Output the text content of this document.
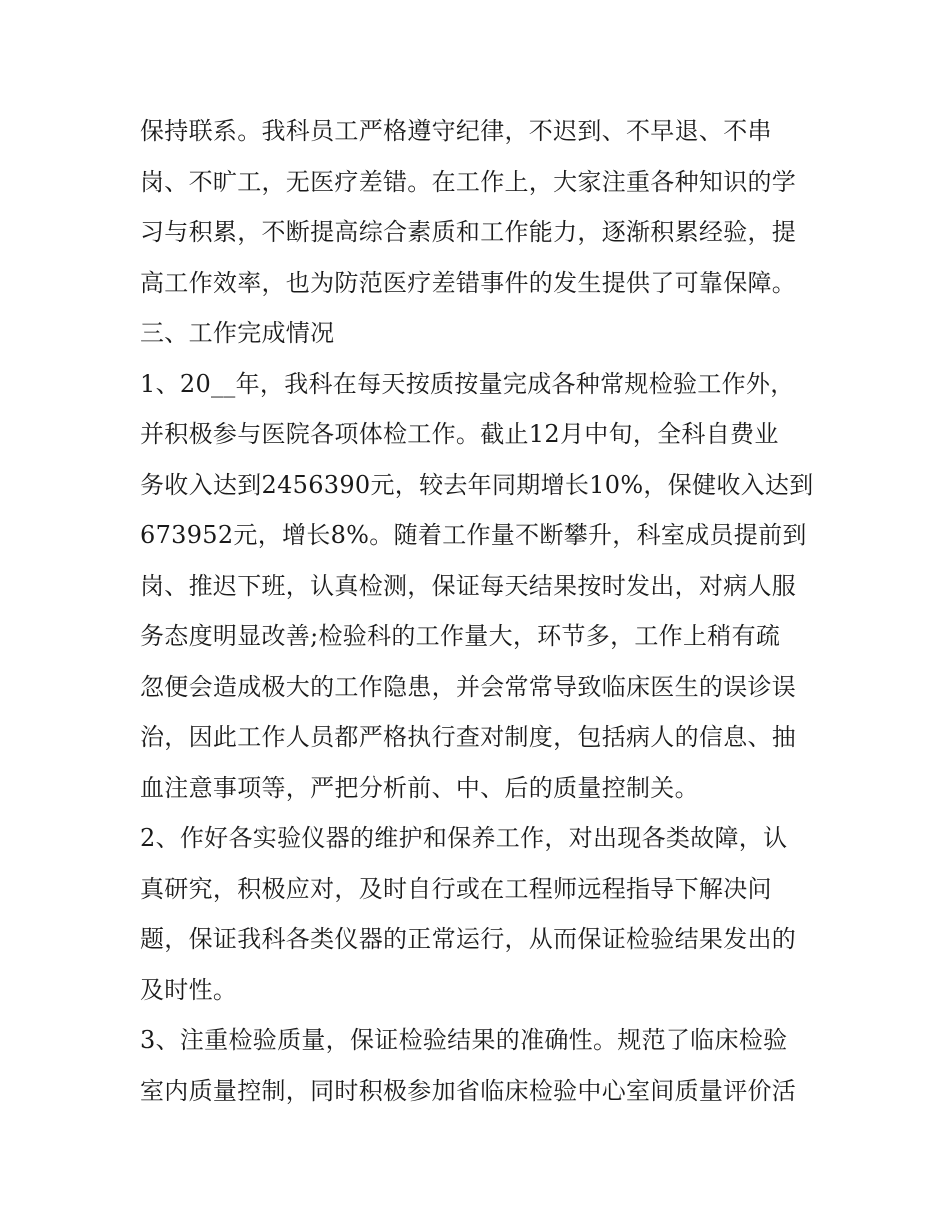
保持联系。我科员工严格遵守纪律，不迟到、不早退、不串
岗、不旷工，无医疗差错。在工作上，大家注重各种知识的学
习与积累，不断提高综合素质和工作能力，逐渐积累经验，提
高工作效率，也为防范医疗差错事件的发生提供了可靠保障。
三、工作完成情况
1、20__年，我科在每天按质按量完成各种常规检验工作外，
并积极参与医院各项体检工作。截止12月中旬，全科自费业
务收入达到2456390元，较去年同期增长10%，保健收入达到
673952元，增长8%。随着工作量不断攀升，科室成员提前到
岗、推迟下班，认真检测，保证每天结果按时发出，对病人服
务态度明显改善;检验科的工作量大，环节多，工作上稍有疏
忽便会造成极大的工作隐患，并会常常导致临床医生的误诊误
治，因此工作人员都严格执行查对制度，包括病人的信息、抽
血注意事项等，严把分析前、中、后的质量控制关。
2、作好各实验仪器的维护和保养工作，对出现各类故障，认
真研究，积极应对，及时自行或在工程师远程指导下解决问
题，保证我科各类仪器的正常运行，从而保证检验结果发出的
及时性。
3、注重检验质量，保证检验结果的准确性。规范了临床检验
室内质量控制，同时积极参加省临床检验中心室间质量评价活
